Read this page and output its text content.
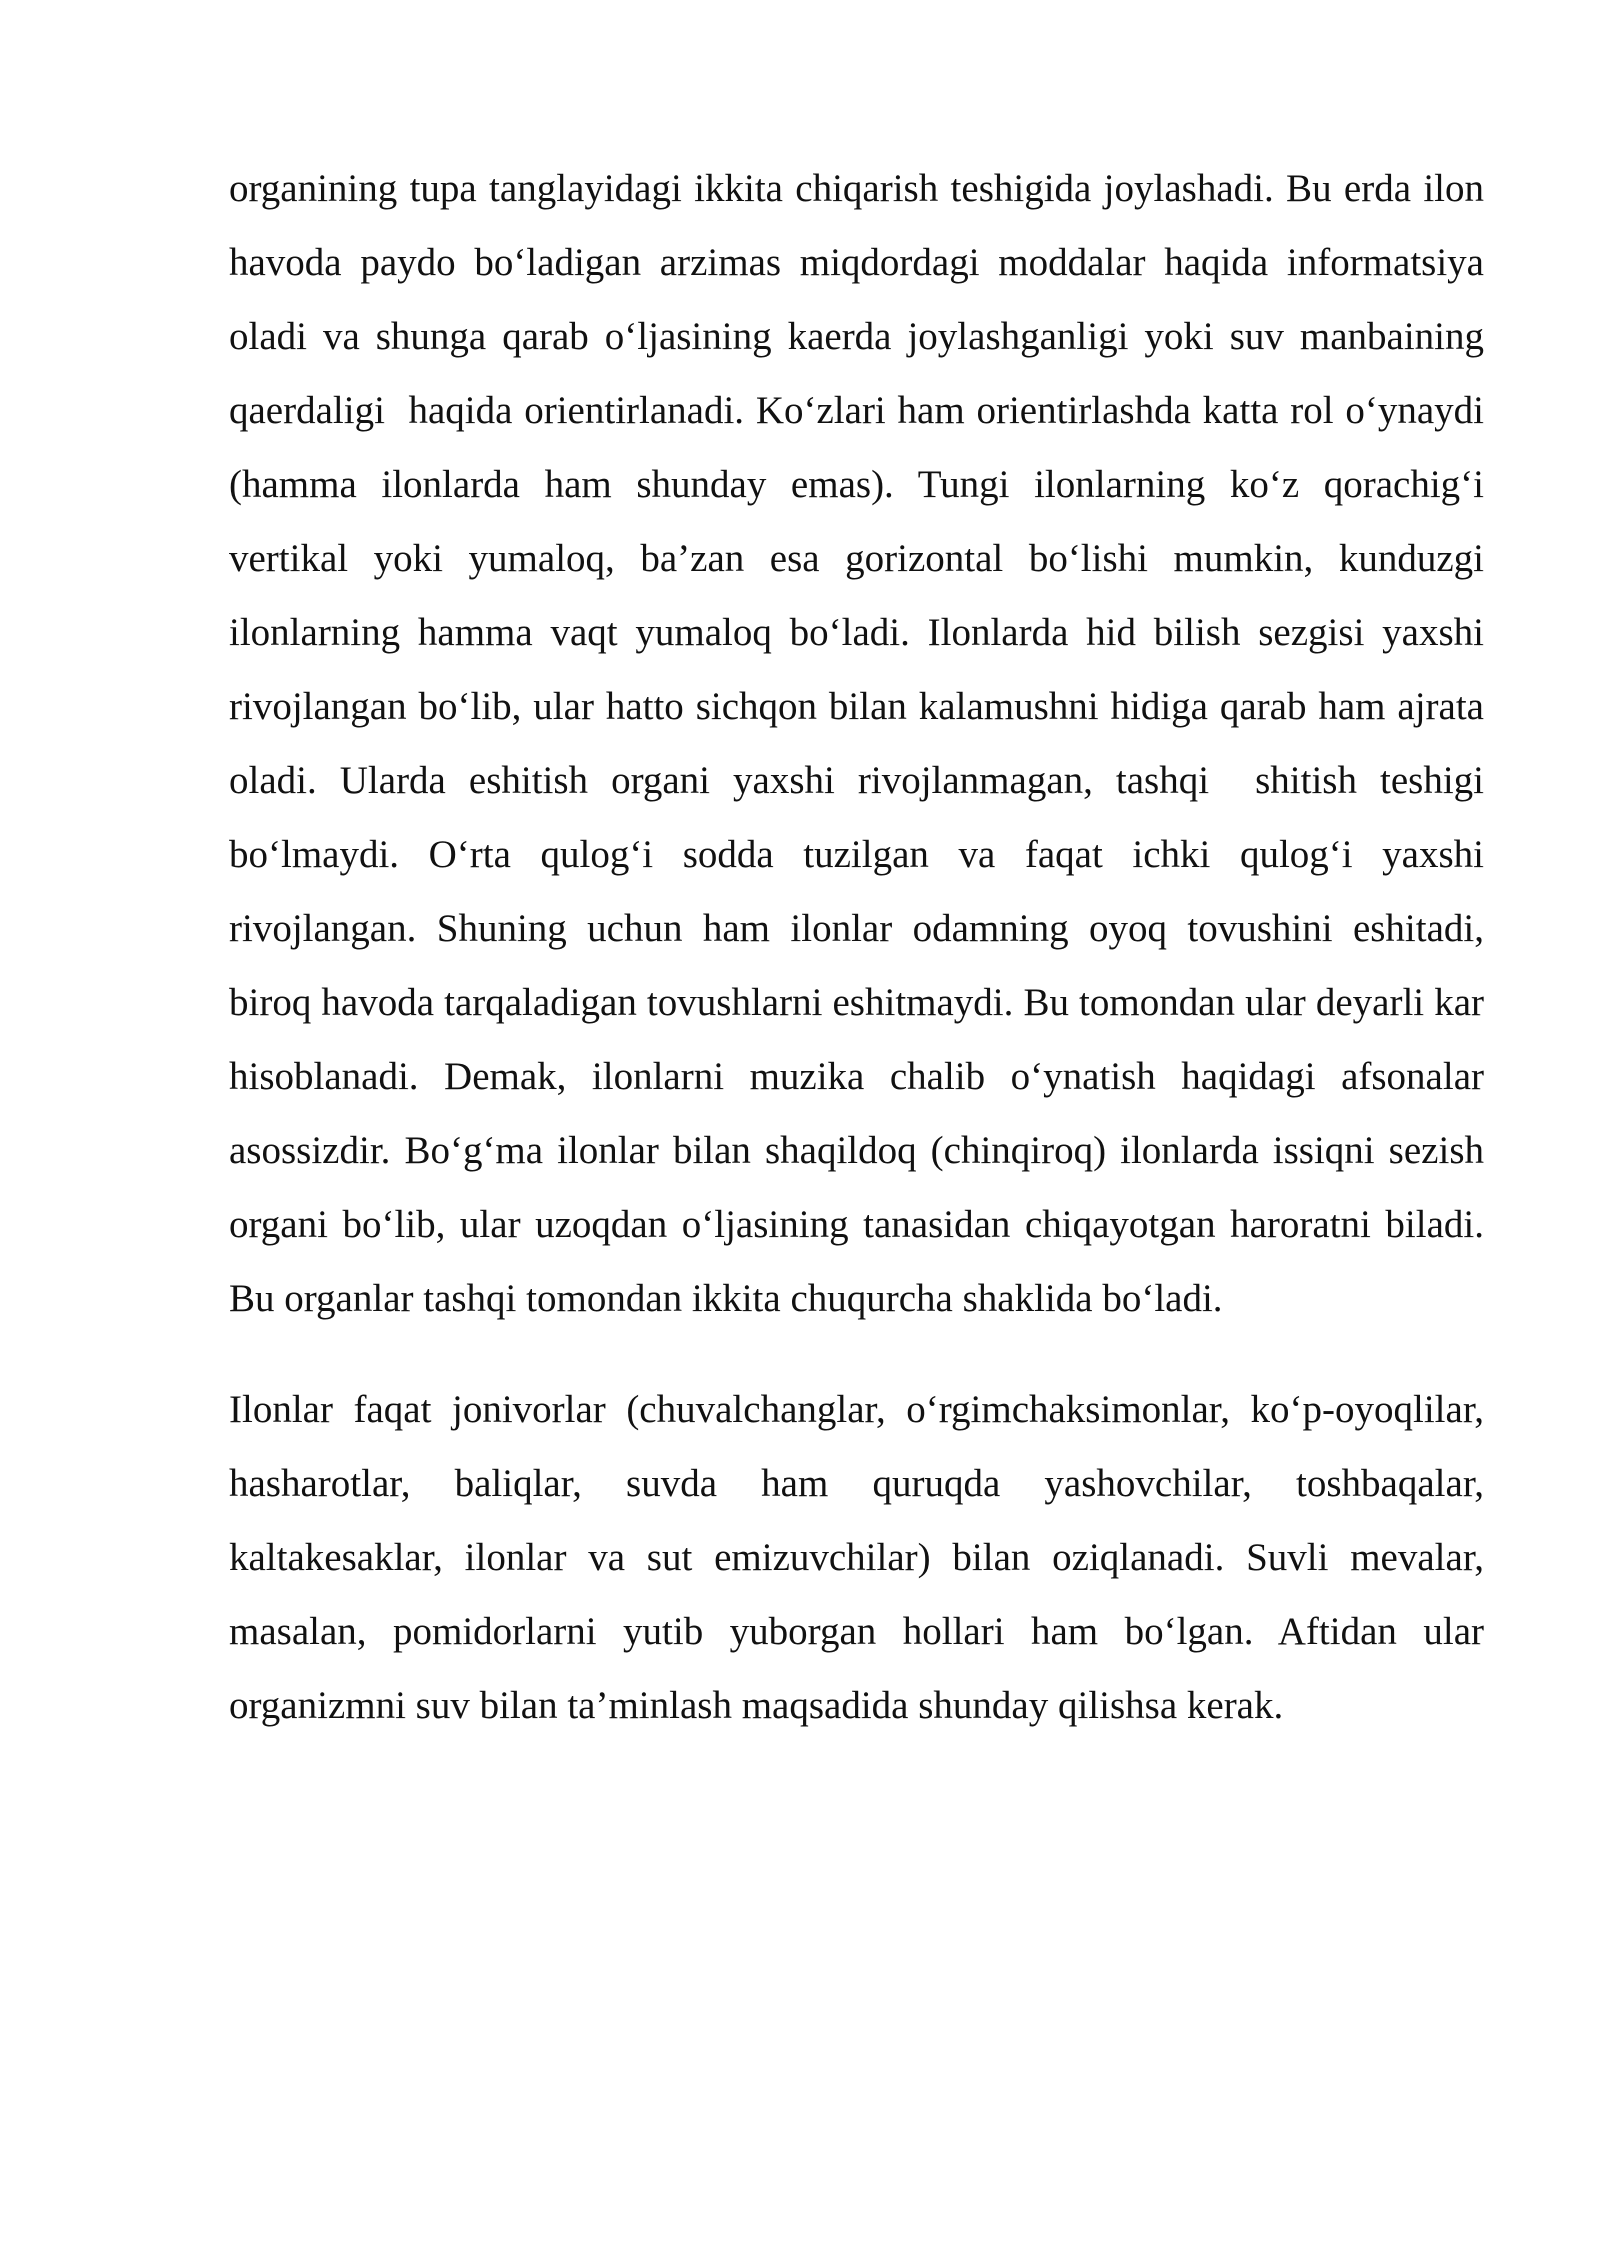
organining tupa tanglayidagi ikkita chiqarish teshigida joylashadi. Bu erda ilon havoda paydo bo‘ladigan arzimas miqdordagi moddalar haqida informatsiya oladi va shunga qarab o‘ljasining kaerda joylashganligi yoki suv manbaining qaerdaligi  haqida orientirlanadi. Ko‘zlari ham orientirlashda katta rol o‘ynaydi (hamma ilonlarda ham shunday emas). Tungi ilonlarning ko‘z qorachig‘i vertikal yoki yumaloq, ba’zan esa gorizontal bo‘lishi mumkin, kunduzgi ilonlarning hamma vaqt yumaloq bo‘ladi. Ilonlarda hid bilish sezgisi yaxshi rivojlangan bo‘lib, ular hatto sichqon bilan kalamushni hidiga qarab ham ajrata oladi. Ularda eshitish organi yaxshi rivojlanmagan, tashqi  shitish teshigi bo‘lmaydi. O‘rta qulog‘i sodda tuzilgan va faqat ichki qulog‘i yaxshi rivojlangan. Shuning uchun ham ilonlar odamning oyoq tovushini eshitadi, biroq havoda tarqaladigan tovushlarni eshitmaydi. Bu tomondan ular deyarli kar hisoblanadi. Demak, ilonlarni muzika chalib o‘ynatish haqidagi afsonalar asossizdir. Bo‘g‘ma ilonlar bilan shaqildoq (chinqiroq) ilonlarda issiqni sezish organi bo‘lib, ular uzoqdan o‘ljasining tanasidan chiqayotgan haroratni biladi. Bu organlar tashqi tomondan ikkita chuqurcha shaklida bo‘ladi.

Ilonlar faqat jonivorlar (chuvalchanglar, o‘rgimchaksimonlar, ko‘p-oyoqlilar, hasharotlar, baliqlar, suvda ham quruqda yashovchilar, toshbaqalar, kaltakesaklar, ilonlar va sut emizuvchilar) bilan oziqlanadi. Suvli mevalar, masalan, pomidorlarni yutib yuborgan hollari ham bo‘lgan. Aftidan ular organizmni suv bilan ta’minlash maqsadida shunday qilishsa kerak.
